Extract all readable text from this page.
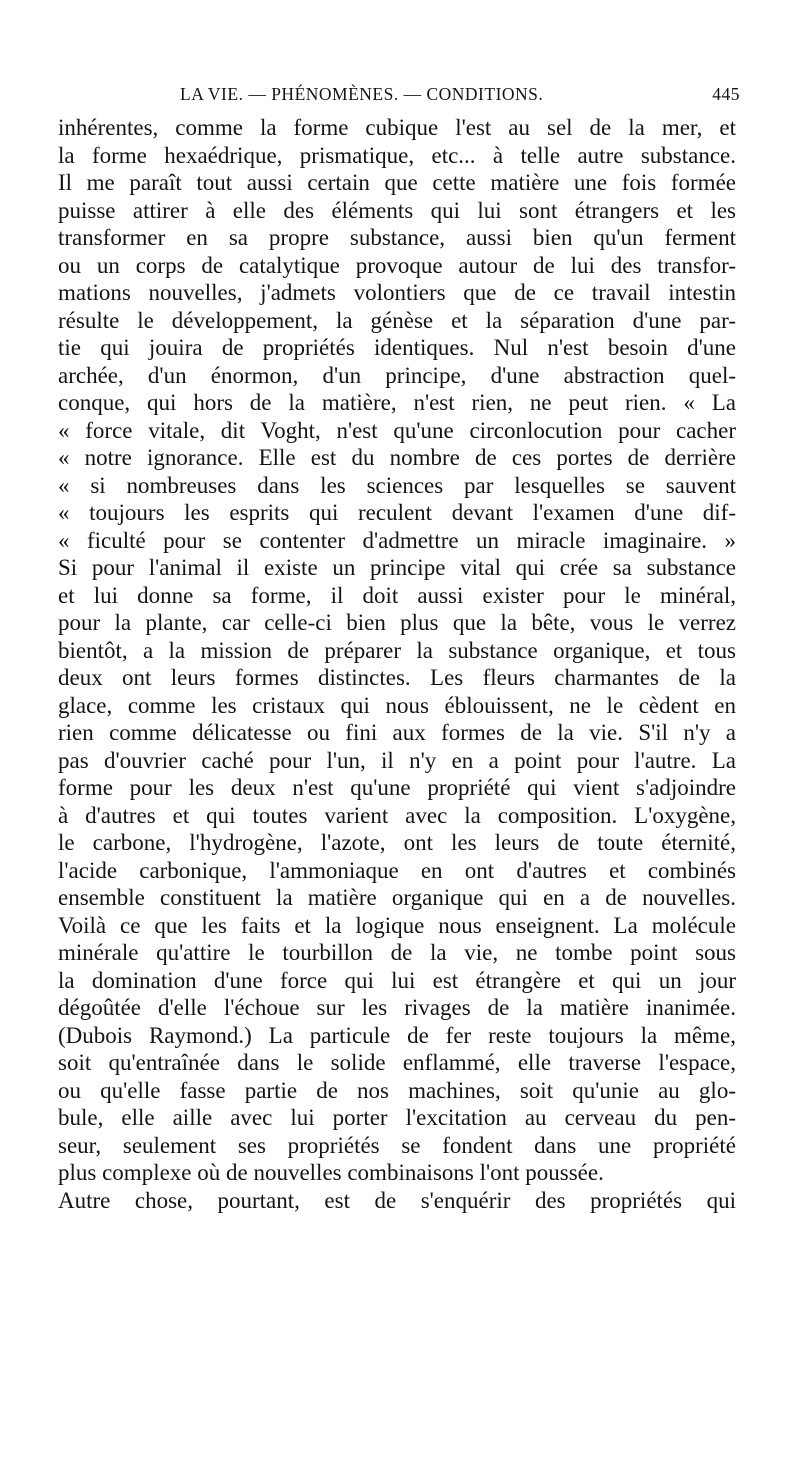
LA VIE. — PHÉNOMÈNES. — CONDITIONS.	445
inhérentes, comme la forme cubique l'est au sel de la mer, et
la forme hexaédrique, prismatique, etc... à telle autre substance.
Il me paraît tout aussi certain que cette matière une fois formée
puisse attirer à elle des éléments qui lui sont étrangers et les
transformer en sa propre substance, aussi bien qu'un ferment
ou un corps de catalytique provoque autour de lui des transfor-
mations nouvelles, j'admets volontiers que de ce travail intestin
résulte le développement, la génèse et la séparation d'une par-
tie qui jouira de propriétés identiques. Nul n'est besoin d'une
archée, d'un énormon, d'un principe, d'une abstraction quel-
conque, qui hors de la matière, n'est rien, ne peut rien. « La
« force vitale, dit Voght, n'est qu'une circonlocution pour cacher
« notre ignorance. Elle est du nombre de ces portes de derrière
« si nombreuses dans les sciences par lesquelles se sauvent
« toujours les esprits qui reculent devant l'examen d'une dif-
« ficulté pour se contenter d'admettre un miracle imaginaire. »
Si pour l'animal il existe un principe vital qui crée sa substance
et lui donne sa forme, il doit aussi exister pour le minéral,
pour la plante, car celle-ci bien plus que la bête, vous le verrez
bientôt, a la mission de préparer la substance organique, et tous
deux ont leurs formes distinctes. Les fleurs charmantes de la
glace, comme les cristaux qui nous éblouissent, ne le cèdent en
rien comme délicatesse ou fini aux formes de la vie. S'il n'y a
pas d'ouvrier caché pour l'un, il n'y en a point pour l'autre. La
forme pour les deux n'est qu'une propriété qui vient s'adjoindre
à d'autres et qui toutes varient avec la composition. L'oxygène,
le carbone, l'hydrogène, l'azote, ont les leurs de toute éternité,
l'acide carbonique, l'ammoniaque en ont d'autres et combinés
ensemble constituent la matière organique qui en a de nouvelles.
Voilà ce que les faits et la logique nous enseignent. La molécule
minérale qu'attire le tourbillon de la vie, ne tombe point sous
la domination d'une force qui lui est étrangère et qui un jour
dégoûtée d'elle l'échoue sur les rivages de la matière inanimée.
(Dubois Raymond.) La particule de fer reste toujours la même,
soit qu'entraînée dans le solide enflammé, elle traverse l'espace,
ou qu'elle fasse partie de nos machines, soit qu'unie au glo-
bule, elle aille avec lui porter l'excitation au cerveau du pen-
seur, seulement ses propriétés se fondent dans une propriété
plus complexe où de nouvelles combinaisons l'ont poussée.
Autre chose, pourtant, est de s'enquérir des propriétés qui
